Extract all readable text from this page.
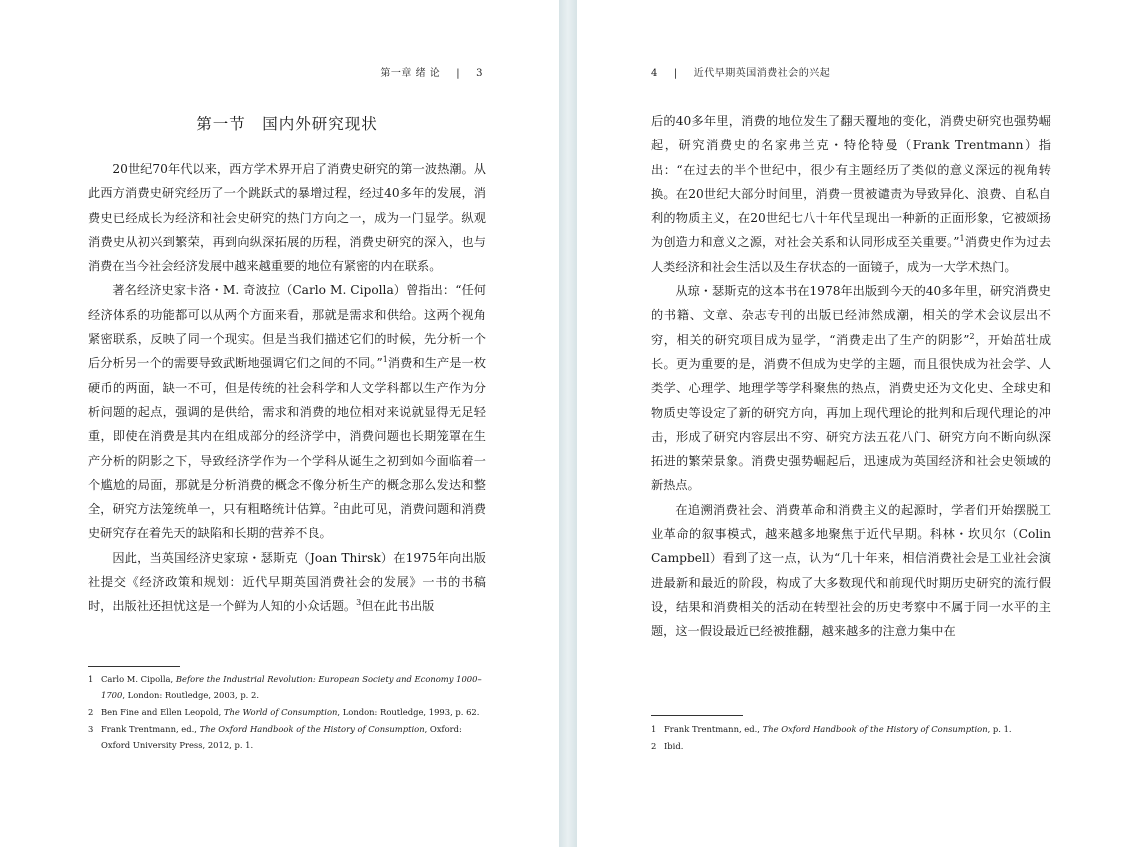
第一章 绪 论 | 3
第一节　国内外研究现状

20世纪70年代以来，西方学术界开启了消费史研究的第一波热潮。从此西方消费史研究经历了一个跳跃式的暴增过程，经过40多年的发展，消费史已经成长为经济和社会史研究的热门方向之一，成为一门显学。纵观消费史从初兴到繁荣，再到向纵深拓展的历程，消费史研究的深入，也与消费在当今社会经济发展中越来越重要的地位有紧密的内在联系。

著名经济史家卡洛・M. 奇波拉（Carlo M. Cipolla）曾指出：“任何经济体系的功能都可以从两个方面来看，那就是需求和供给。这两个视角紧密联系，反映了同一个现实。但是当我们描述它们的时候，先分析一个后分析另一个的需要导致武断地强调它们之间的不同。”$^1$消费和生产是一枚硬币的两面，缺一不可，但是传统的社会科学和人文学科都以生产作为分析问题的起点，强调的是供给，需求和消费的地位相对来说就显得无足轻重，即使在消费是其内在组成部分的经济学中，消费问题也长期笼罩在生产分析的阴影之下，导致经济学作为一个学科从诞生之初到如今面临着一个尴尬的局面，那就是分析消费的概念不像分析生产的概念那么发达和整全，研究方法笼统单一，只有粗略统计估算。$^2$由此可见，消费问题和消费史研究存在着先天的缺陷和长期的营养不良。

因此，当英国经济史家琼・瑟斯克（Joan Thirsk）在1975年向出版社提交《经济政策和规划：近代早期英国消费社会的发展》一书的书稿时，出版社还担忧这是一个鲜为人知的小众话题。$^3$但在此书出版

1 Carlo M. Cipolla, Before the Industrial Revolution: European Society and Economy 1000–1700, London: Routledge, 2003, p. 2.
2 Ben Fine and Ellen Leopold, The World of Consumption, London: Routledge, 1993, p. 62.
3 Frank Trentmann, ed., The Oxford Handbook of the History of Consumption, Oxford: Oxford University Press, 2012, p. 1.
4 | 近代早期英国消费社会的兴起

后的40多年里，消费的地位发生了翻天覆地的变化，消费史研究也强势崛起，研究消费史的名家弗兰克・特伦特曼（Frank Trentmann）指出：“在过去的半个世纪中，很少有主题经历了类似的意义深远的视角转换。在20世纪大部分时间里，消费一贯被谴责为导致异化、浪费、自私自利的物质主义，在20世纪七八十年代呈现出一种新的正面形象，它被颂扬为创造力和意义之源，对社会关系和认同形成至关重要。”$^1$消费史作为过去人类经济和社会生活以及生存状态的一面镜子，成为一大学术热门。

从琼・瑟斯克的这本书在1978年出版到今天的40多年里，研究消费史的书籍、文章、杂志专刊的出版已经沛然成潮，相关的学术会议层出不穷，相关的研究项目成为显学，“消费走出了生产的阴影”$^2$，开始茁壮成长。更为重要的是，消费不但成为史学的主题，而且很快成为社会学、人类学、心理学、地理学等学科聚焦的热点，消费史还为文化史、全球史和物质史等设定了新的研究方向，再加上现代理论的批判和后现代理论的冲击，形成了研究内容层出不穷、研究方法五花八门、研究方向不断向纵深拓进的繁荣景象。消费史强势崛起后，迅速成为英国经济和社会史领域的新热点。

在追溯消费社会、消费革命和消费主义的起源时，学者们开始摆脱工业革命的叙事模式，越来越多地聚焦于近代早期。科林・坎贝尔（Colin Campbell）看到了这一点，认为“几十年来，相信消费社会是工业社会演进最新和最近的阶段，构成了大多数现代和前现代时期历史研究的流行假设，结果和消费相关的活动在转型社会的历史考察中不属于同一水平的主题，这一假设最近已经被推翻，越来越多的注意力集中在

1 Frank Trentmann, ed., The Oxford Handbook of the History of Consumption, p. 1.
2 Ibid.
